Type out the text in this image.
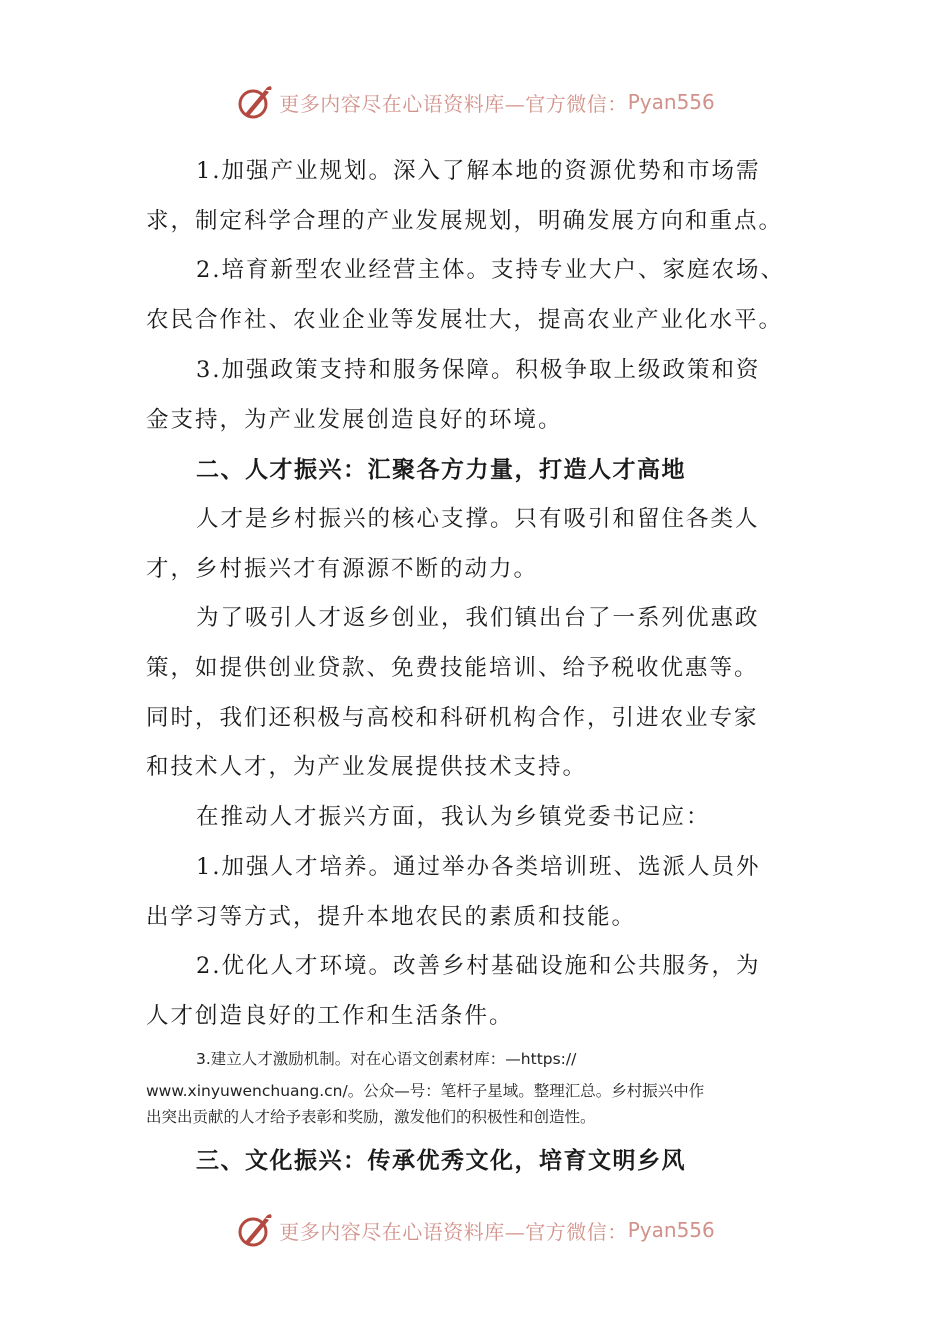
更多内容尽在心语资料库—官方微信： Pyan556

1.加强产业规划。深入了解本地的资源优势和市场需

求，制定科学合理的产业发展规划，明确发展方向和重点。

2.培育新型农业经营主体。支持专业大户、家庭农场、

农民合作社、农业企业等发展壮大，提高农业产业化水平。

3.加强政策支持和服务保障。积极争取上级政策和资

金支持，为产业发展创造良好的环境。

二、人才振兴：汇聚各方力量，打造人才高地

人才是乡村振兴的核心支撑。只有吸引和留住各类人

才，乡村振兴才有源源不断的动力。

为了吸引人才返乡创业，我们镇出台了一系列优惠政

策，如提供创业贷款、免费技能培训、给予税收优惠等。

同时，我们还积极与高校和科研机构合作，引进农业专家

和技术人才，为产业发展提供技术支持。

在推动人才振兴方面，我认为乡镇党委书记应：

1.加强人才培养。通过举办各类培训班、选派人员外

出学习等方式，提升本地农民的素质和技能。

2.优化人才环境。改善乡村基础设施和公共服务，为

人才创造良好的工作和生活条件。

3.建立人才激励机制。对在心语文创素材库：—https://
www.xinyuwenchuang.cn/。公众—号：笔杆子星域。整理汇总。乡村振兴中作
出突出贡献的人才给予表彰和奖励，激发他们的积极性和创造性。

三、文化振兴：传承优秀文化，培育文明乡风

更多内容尽在心语资料库—官方微信： Pyan556
